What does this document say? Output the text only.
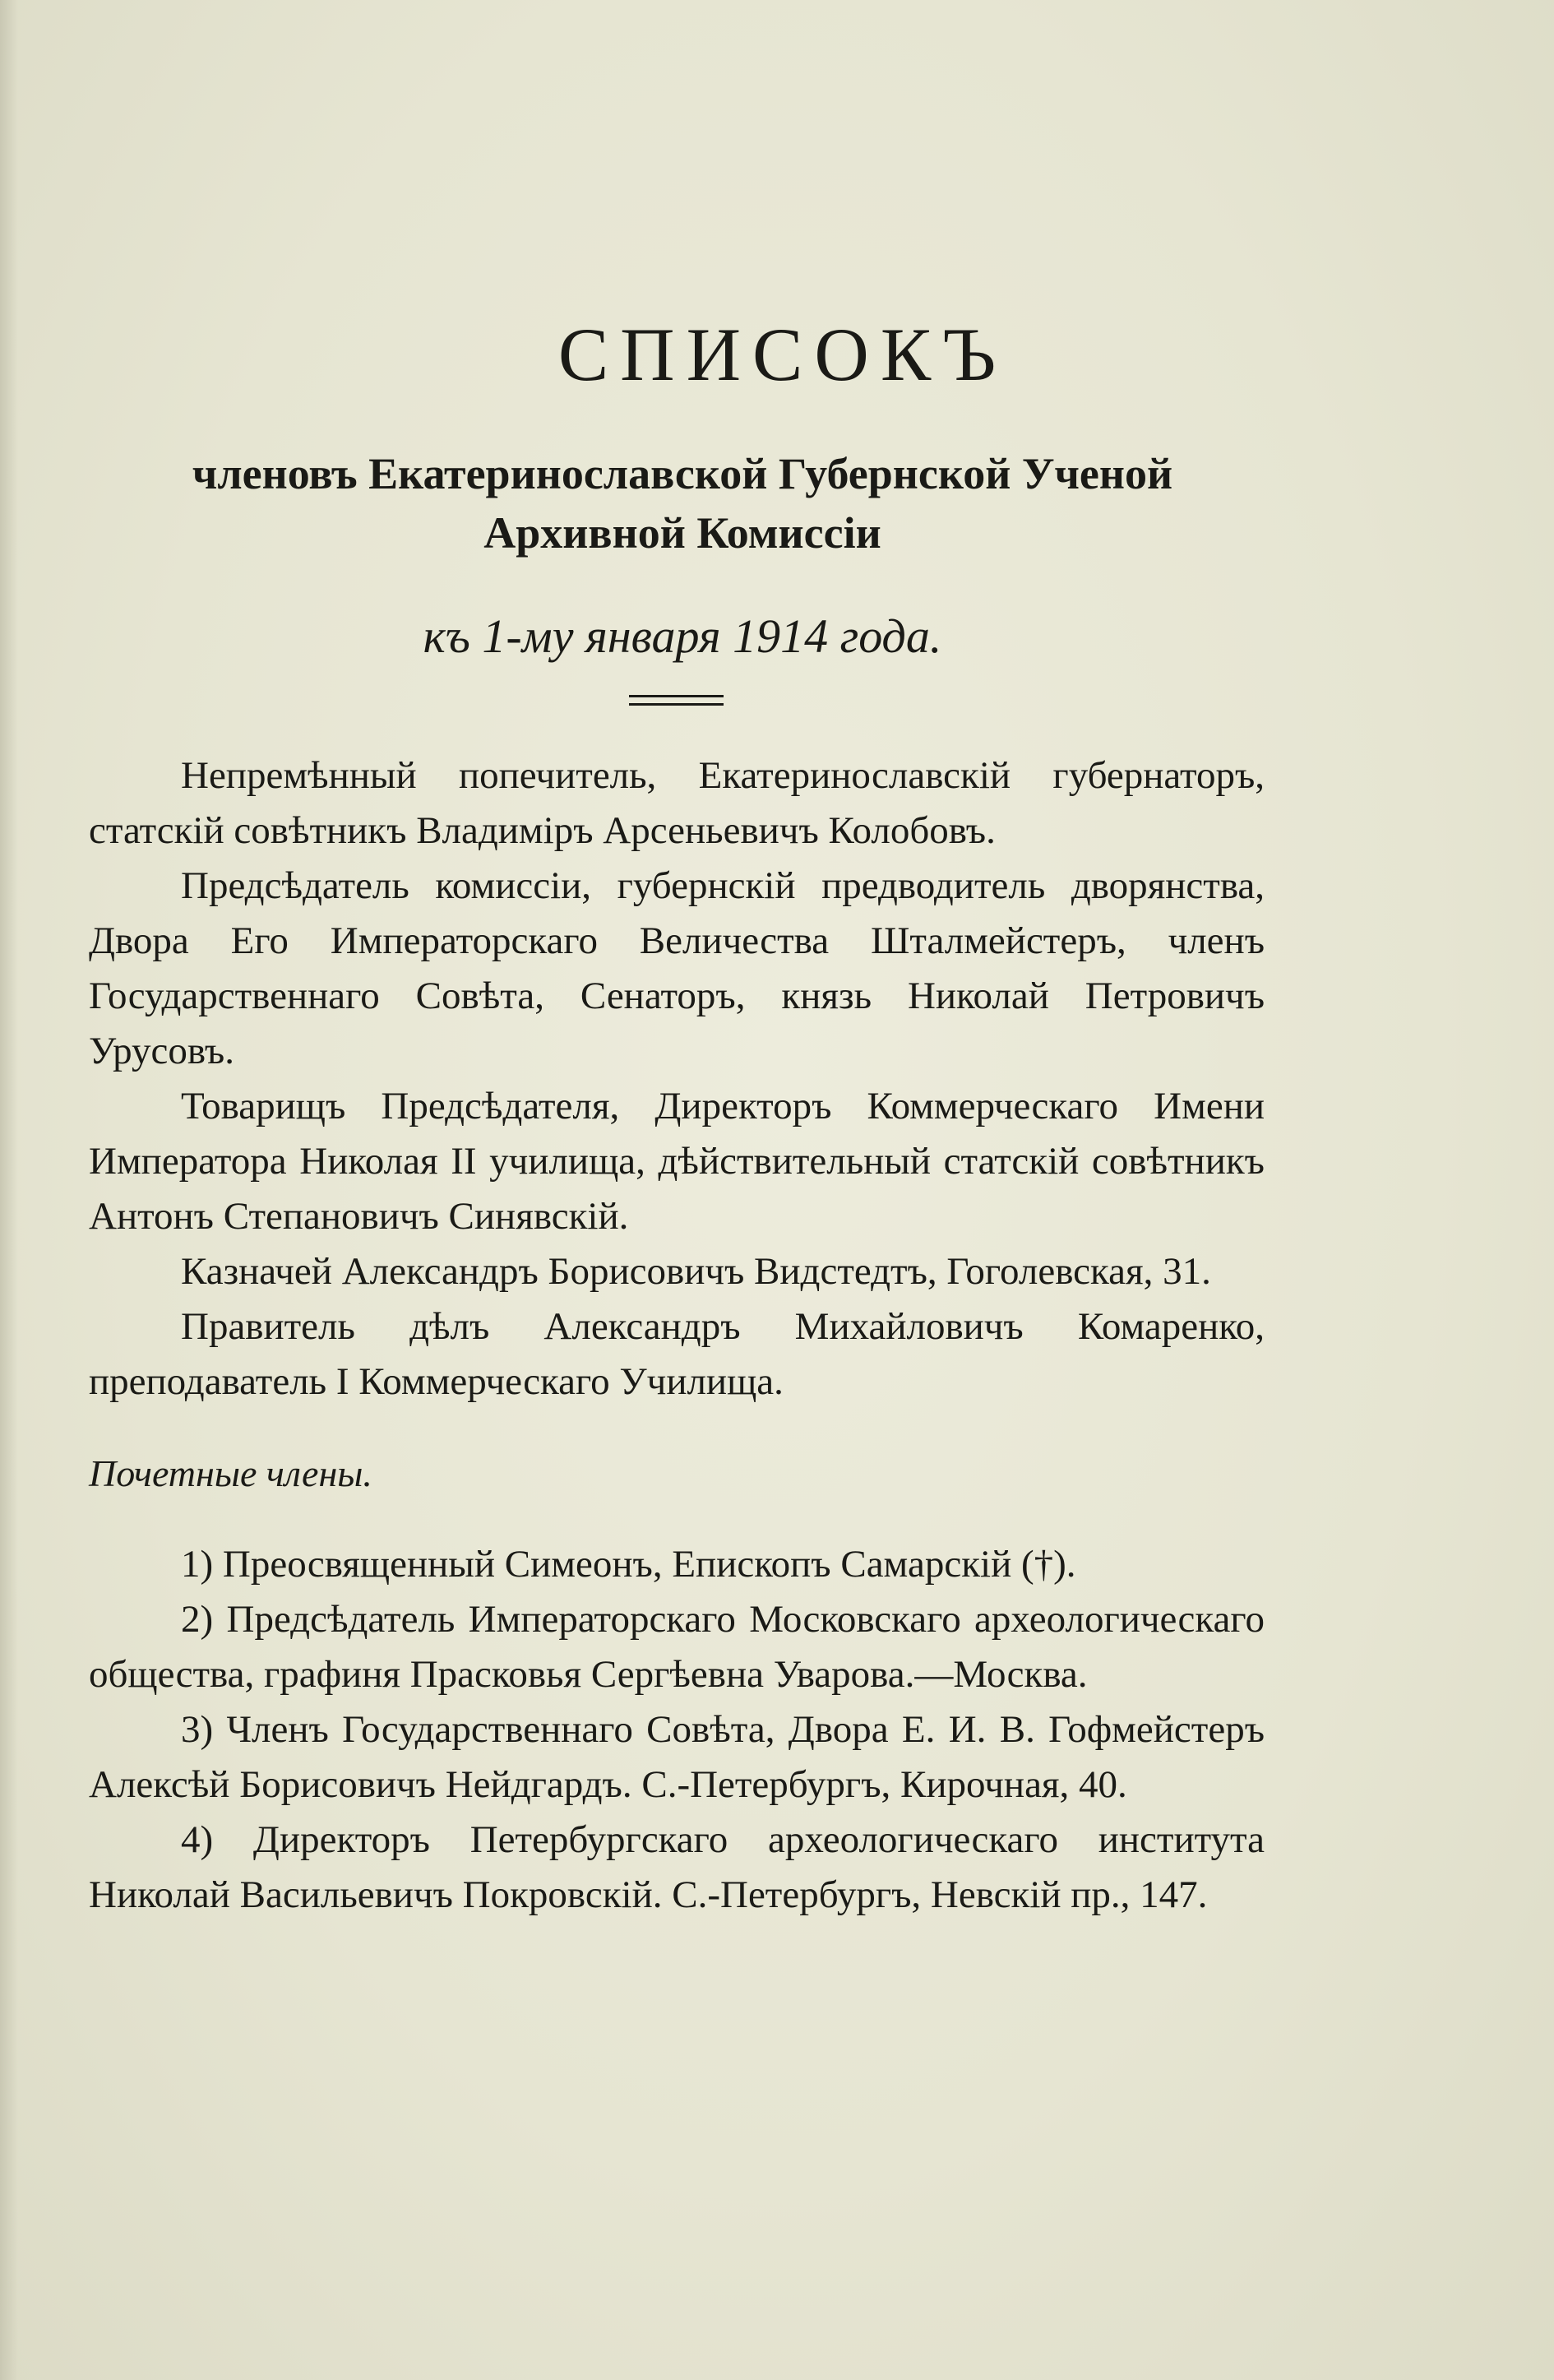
СПИСОКЪ
членовъ Екатеринославской Губернской Ученой
Архивной Комиссіи
къ 1-му января 1914 года.

Непремѣнный попечитель, Екатеринославскій губернаторъ, статскій совѣтникъ Владиміръ Арсеньевичъ Колобовъ.

Предсѣдатель комиссіи, губернскій предводитель дворянства, Двора Его Императорскаго Величества Шталмейстеръ, членъ Государственнаго Совѣта, Сенаторъ, князь Николай Петровичъ Урусовъ.

Товарищъ Предсѣдателя, Директоръ Коммерческаго Имени Императора Николая II училища, дѣйствительный статскій совѣтникъ Антонъ Степановичъ Синявскій.

Казначей Александръ Борисовичъ Видстедтъ, Гоголевская, 31.

Правитель дѣлъ Александръ Михайловичъ Комаренко, преподаватель I Коммерческаго Училища.

Почетные члены.

1) Преосвященный Симеонъ, Епископъ Самарскій (†).

2) Предсѣдатель Императорскаго Московскаго археологическаго общества, графиня Прасковья Сергѣевна Уварова.—Москва.

3) Членъ Государственнаго Совѣта, Двора Е. И. В. Гофмейстеръ Алексѣй Борисовичъ Нейдгардъ. С.-Петербургъ, Кирочная, 40.

4) Директоръ Петербургскаго археологическаго института Николай Васильевичъ Покровскій. С.-Петербургъ, Невскій пр., 147.
